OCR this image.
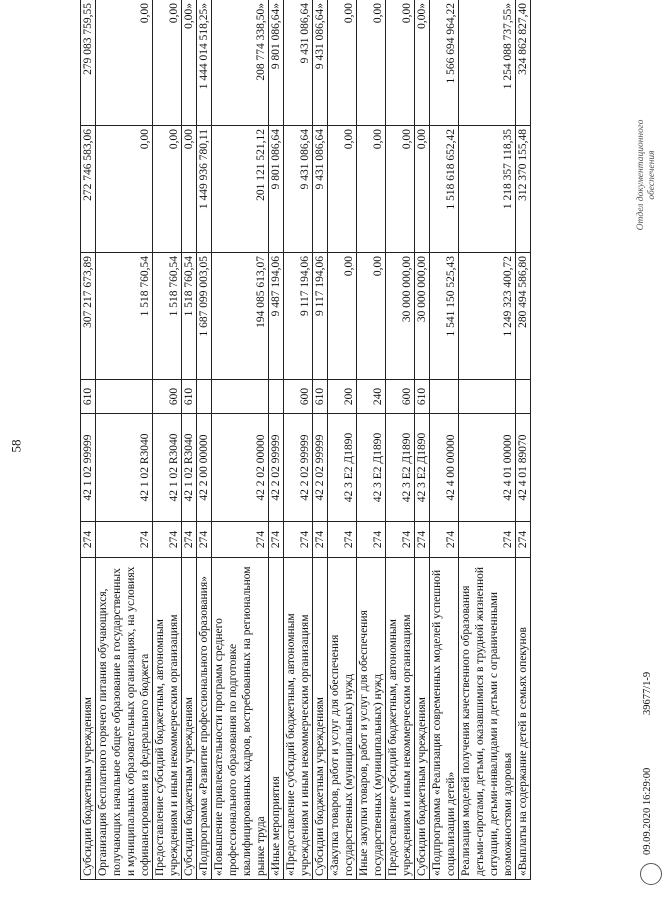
58
Субсидии бюджетным учреждениям	274	42 1 02 99999	610	307 217 673,89	272 746 583,06	279 083 759,55
Организация бесплатного горячего питания обучающихся, получающих начальное общее образование в государственных и муниципальных образовательных организациях, на условиях софинансирования из федерального бюджета	274	42 1 02 R3040		1 518 760,54	0,00	0,00
Предоставление субсидий бюджетным, автономным учреждениям и иным некоммерческим организациям	274	42 1 02 R3040	600	1 518 760,54	0,00	0,00
Субсидии бюджетным учреждениям	274	42 1 02 R3040	610	1 518 760,54	0,00	0,00»
«Подпрограмма «Развитие профессионального образования»	274	42 2 00 00000		1 687 099 003,05	1 449 936 780,11	1 444 014 518,25»
«Повышение привлекательности программ среднего профессионального образования по подготовке квалифицированных кадров, востребованных на региональном рынке труда	274	42 2 02 00000		194 085 613,07	201 121 521,12	208 774 338,50»
«Иные мероприятия	274	42 2 02 99999		9 487 194,06	9 801 086,64	9 801 086,64»
«Предоставление субсидий бюджетным, автономным учреждениям и иным некоммерческим организациям	274	42 2 02 99999	600	9 117 194,06	9 431 086,64	9 431 086,64
Субсидии бюджетным учреждениям	274	42 2 02 99999	610	9 117 194,06	9 431 086,64	9 431 086,64»
«Закупка товаров, работ и услуг для обеспечения государственных (муниципальных) нужд	274	42 3 Е2 Д1890	200	0,00	0,00	0,00
Иные закупки товаров, работ и услуг для обеспечения государственных (муниципальных) нужд	274	42 3 Е2 Д1890	240	0,00	0,00	0,00
Предоставление субсидий бюджетным, автономным учреждениям и иным некоммерческим организациям	274	42 3 Е2 Д1890	600	30 000 000,00	0,00	0,00
Субсидии бюджетным учреждениям	274	42 3 Е2 Д1890	610	30 000 000,00	0,00	0,00»
«Подпрограмма «Реализация современных моделей успешной социализации детей»	274	42 4 00 00000		1 541 150 525,43	1 518 618 652,42	1 566 694 964,22
Реализация моделей получения качественного образования детьми-сиротами, детьми, оказавшимися в трудной жизненной ситуации, детьми-инвалидами и детьми с ограниченными возможностями здоровья	274	42 4 01 00000		1 249 323 400,72	1 218 357 118,35	1 254 088 737,55»
«Выплаты на содержание детей в семьях опекунов	274	42 4 01 89070		280 494 586,80	312 370 155,48	324 862 827,40
09.09.2020 16:29:00
39677/1-9
Отдел документационного обеспечения
